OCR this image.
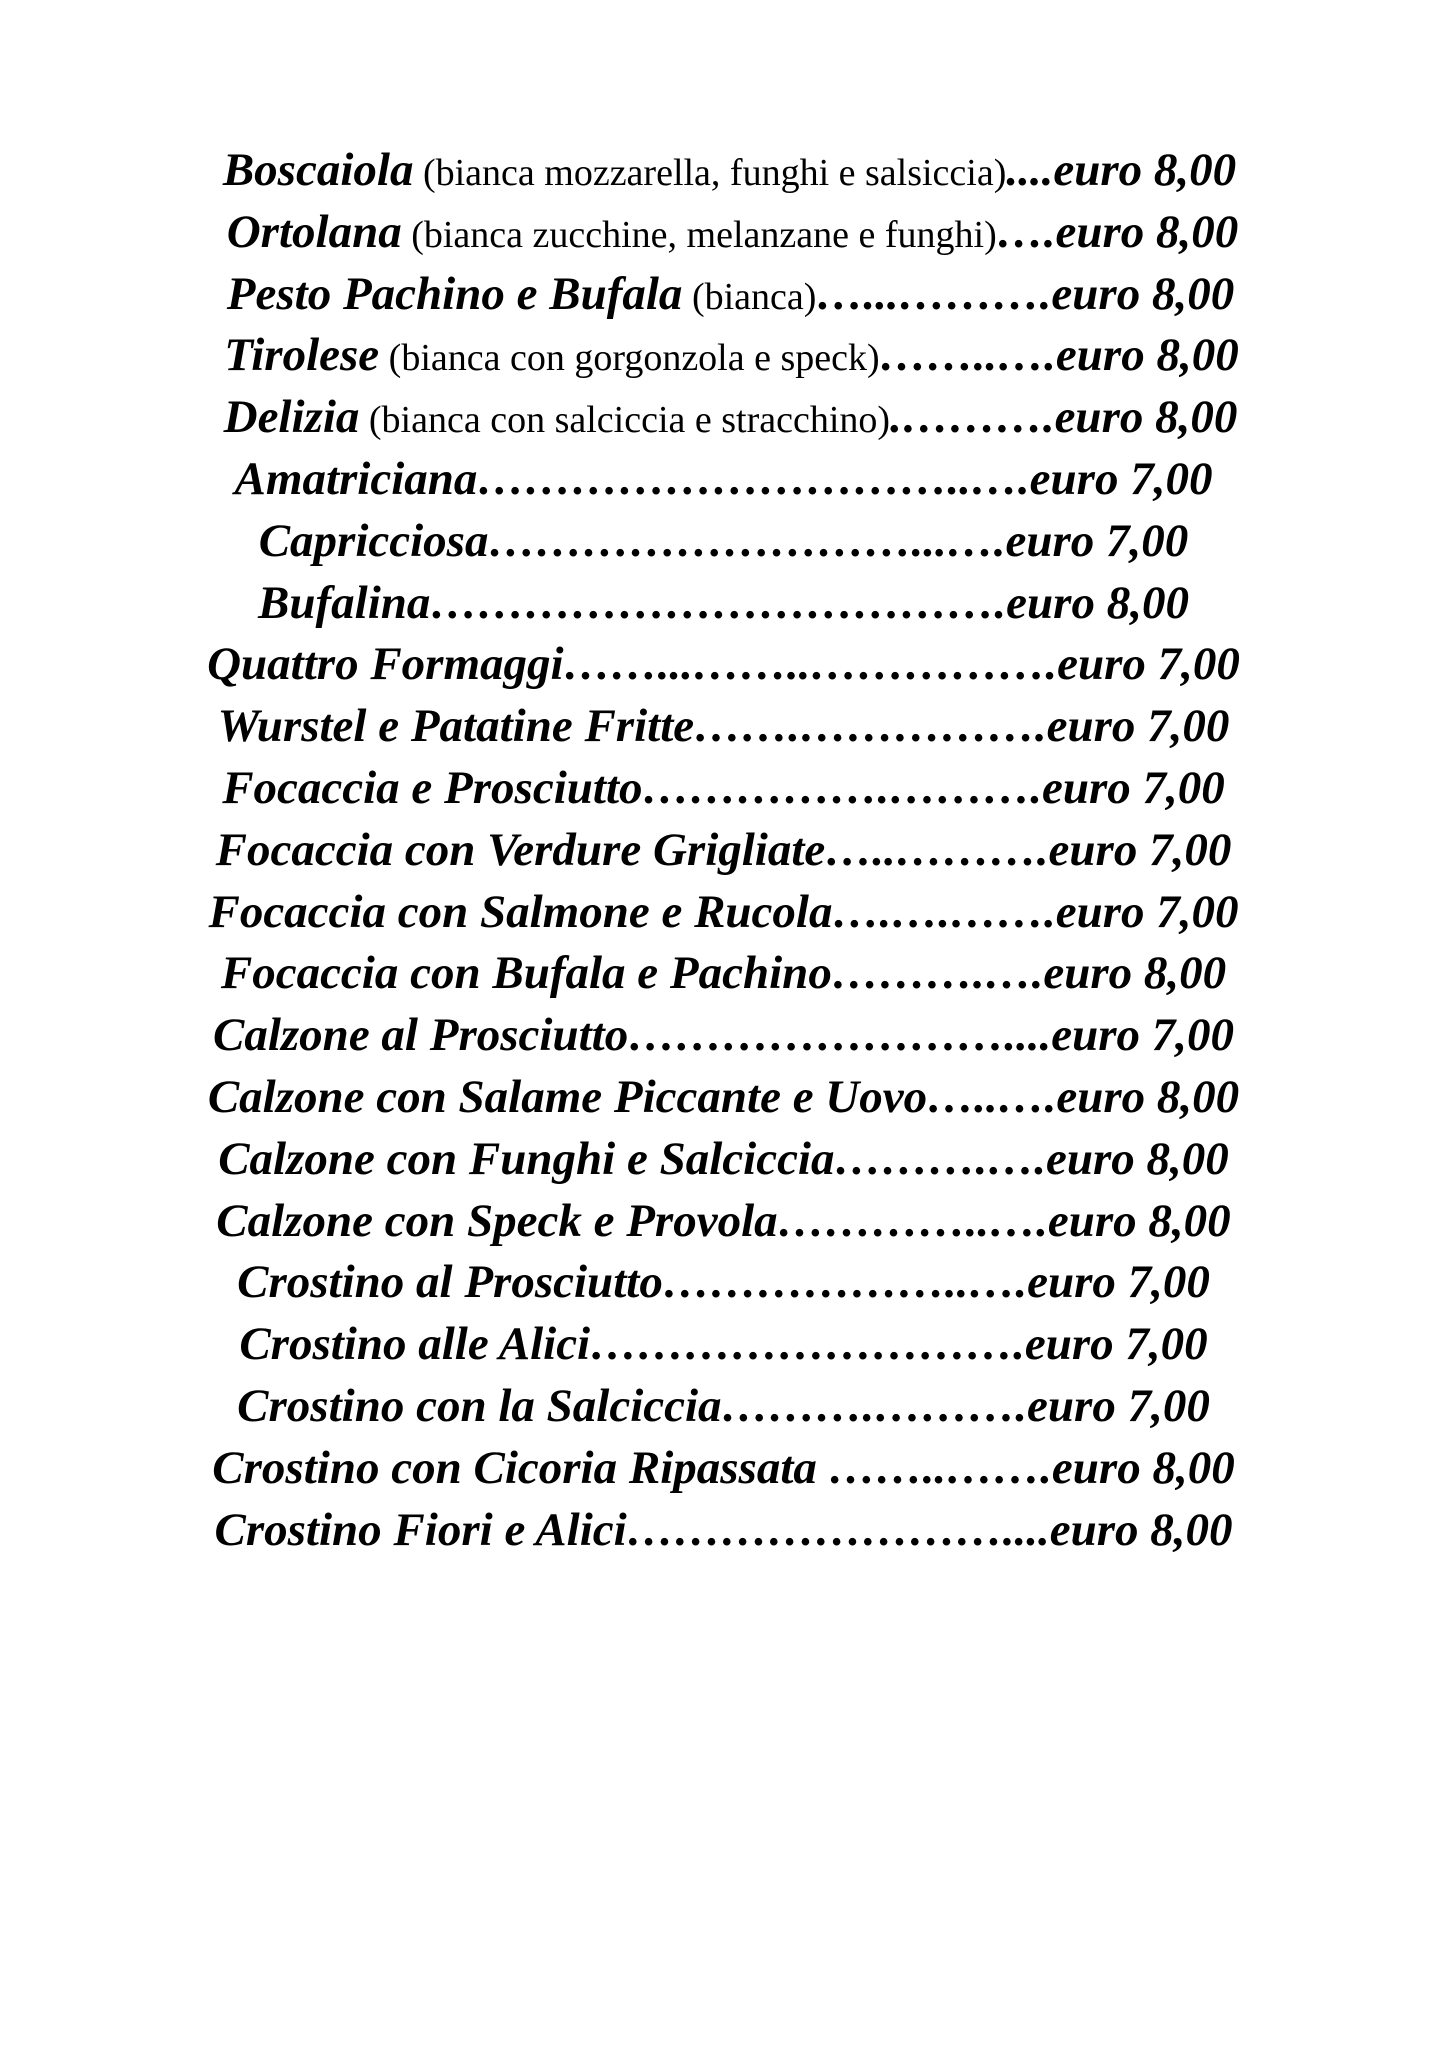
Boscaiola (bianca mozzarella, funghi e salsiccia)....euro 8,00
Ortolana (bianca zucchine, melanzane e funghi)….euro 8,00
Pesto Pachino e Bufala (bianca)…...……….euro 8,00
Tirolese (bianca con gorgonzola e speck)……..….euro 8,00
Delizia (bianca con salciccia e stracchino).……….euro 8,00
Amatriciana…………………………..….euro 7,00
Capricciosa………………………...….euro 7,00
Bufalina……………………………….euro 8,00
Quattro Formaggi……...……..…………….euro 7,00
Wurstel e Patatine Fritte…….…………….euro 7,00
Focaccia e Prosciutto…………….……….euro 7,00
Focaccia con Verdure Grigliate…..……….euro 7,00
Focaccia con Salmone e Rucola….….…….euro 7,00
Focaccia con Bufala e Pachino……….….euro 8,00
Calzone al Prosciutto……………………....euro 7,00
Calzone con Salame Piccante e Uovo…..….euro 8,00
Calzone con Funghi e Salciccia……….….euro 8,00
Calzone con Speck e Provola…………..….euro 8,00
Crostino al Prosciutto………………..….euro 7,00
Crostino alle Alici……………………….euro 7,00
Crostino con la Salciccia……….……….euro 7,00
Crostino con Cicoria Ripassata ……..…….euro 8,00
Crostino Fiori e Alici……………………....euro 8,00
